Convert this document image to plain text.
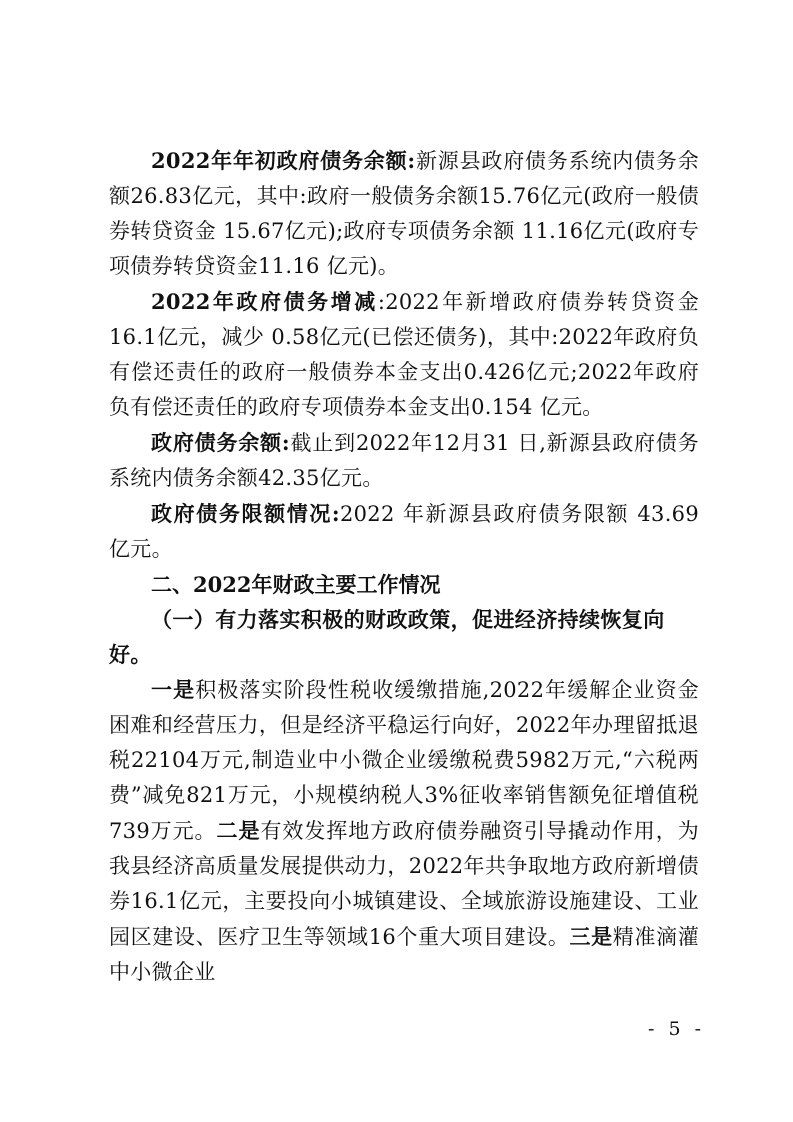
2022年年初政府债务余额:新源县政府债务系统内债务余额26.83亿元，其中:政府一般债务余额15.76亿元(政府一般债券转贷资金 15.67亿元);政府专项债务余额 11.16亿元(政府专项债券转贷资金11.16 亿元)。

2022年政府债务增减:2022年新增政府债券转贷资金16.1亿元，减少 0.58亿元(已偿还债务)，其中:2022年政府负有偿还责任的政府一般债券本金支出0.426亿元;2022年政府负有偿还责任的政府专项债券本金支出0.154 亿元。

政府债务余额:截止到2022年12月31 日,新源县政府债务系统内债务余额42.35亿元。

政府债务限额情况:2022 年新源县政府债务限额 43.69 亿元。

二、2022年财政主要工作情况
（一）有力落实积极的财政政策，促进经济持续恢复向好。

一是积极落实阶段性税收缓缴措施,2022年缓解企业资金困难和经营压力，但是经济平稳运行向好，2022年办理留抵退税22104万元,制造业中小微企业缓缴税费5982万元,“六税两费”减免821万元，小规模纳税人3%征收率销售额免征增值税739万元。二是有效发挥地方政府债券融资引导撬动作用，为我县经济高质量发展提供动力，2022年共争取地方政府新增债券16.1亿元，主要投向小城镇建设、全域旅游设施建设、工业园区建设、医疗卫生等领域16个重大项目建设。三是精准滴灌中小微企业

- 5 -
